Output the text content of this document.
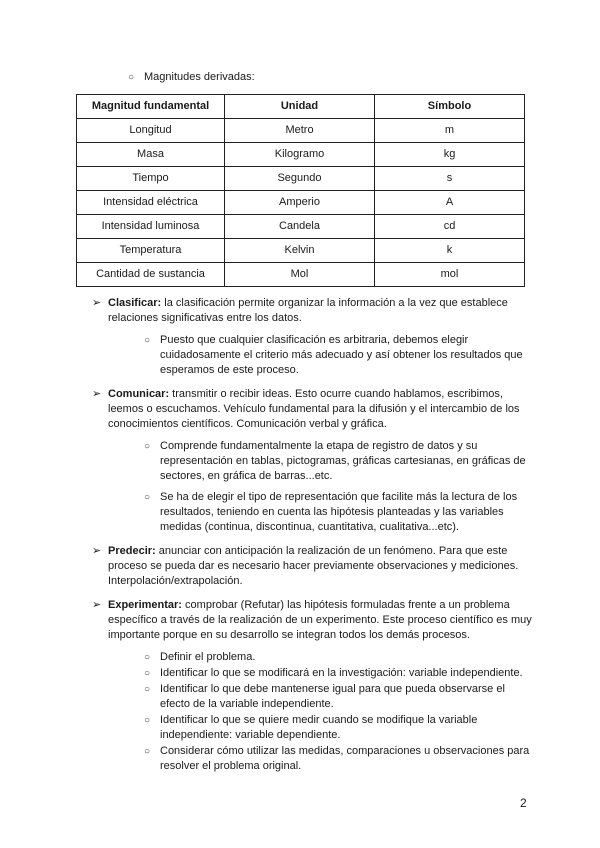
○ Magnitudes derivadas:
Magnitud fundamental	Unidad	Símbolo
Longitud	Metro	m
Masa	Kilogramo	kg
Tiempo	Segundo	s
Intensidad eléctrica	Amperio	A
Intensidad luminosa	Candela	cd
Temperatura	Kelvin	k
Cantidad de sustancia	Mol	mol
➢ Clasificar: la clasificación permite organizar la información a la vez que establece relaciones significativas entre los datos.
○ Puesto que cualquier clasificación es arbitraria, debemos elegir cuidadosamente el criterio más adecuado y así obtener los resultados que esperamos de este proceso.
➢ Comunicar: transmitir o recibir ideas. Esto ocurre cuando hablamos, escribimos, leemos o escuchamos. Vehículo fundamental para la difusión y el intercambio de los conocimientos científicos. Comunicación verbal y gráfica.
○ Comprende fundamentalmente la etapa de registro de datos y su representación en tablas, pictogramas, gráficas cartesianas, en gráficas de sectores, en gráfica de barras...etc.
○ Se ha de elegir el tipo de representación que facilite más la lectura de los resultados, teniendo en cuenta las hipótesis planteadas y las variables medidas (continua, discontinua, cuantitativa, cualitativa...etc).
➢ Predecir: anunciar con anticipación la realización de un fenómeno. Para que este proceso se pueda dar es necesario hacer previamente observaciones y mediciones. Interpolación/extrapolación.
➢ Experimentar: comprobar (Refutar) las hipótesis formuladas frente a un problema específico a través de la realización de un experimento. Este proceso científico es muy importante porque en su desarrollo se integran todos los demás procesos.
○ Definir el problema.
○ Identificar lo que se modificará en la investigación: variable independiente.
○ Identificar lo que debe mantenerse igual para que pueda observarse el efecto de la variable independiente.
○ Identificar lo que se quiere medir cuando se modifique la variable independiente: variable dependiente.
○ Considerar cómo utilizar las medidas, comparaciones u observaciones para resolver el problema original.
2
